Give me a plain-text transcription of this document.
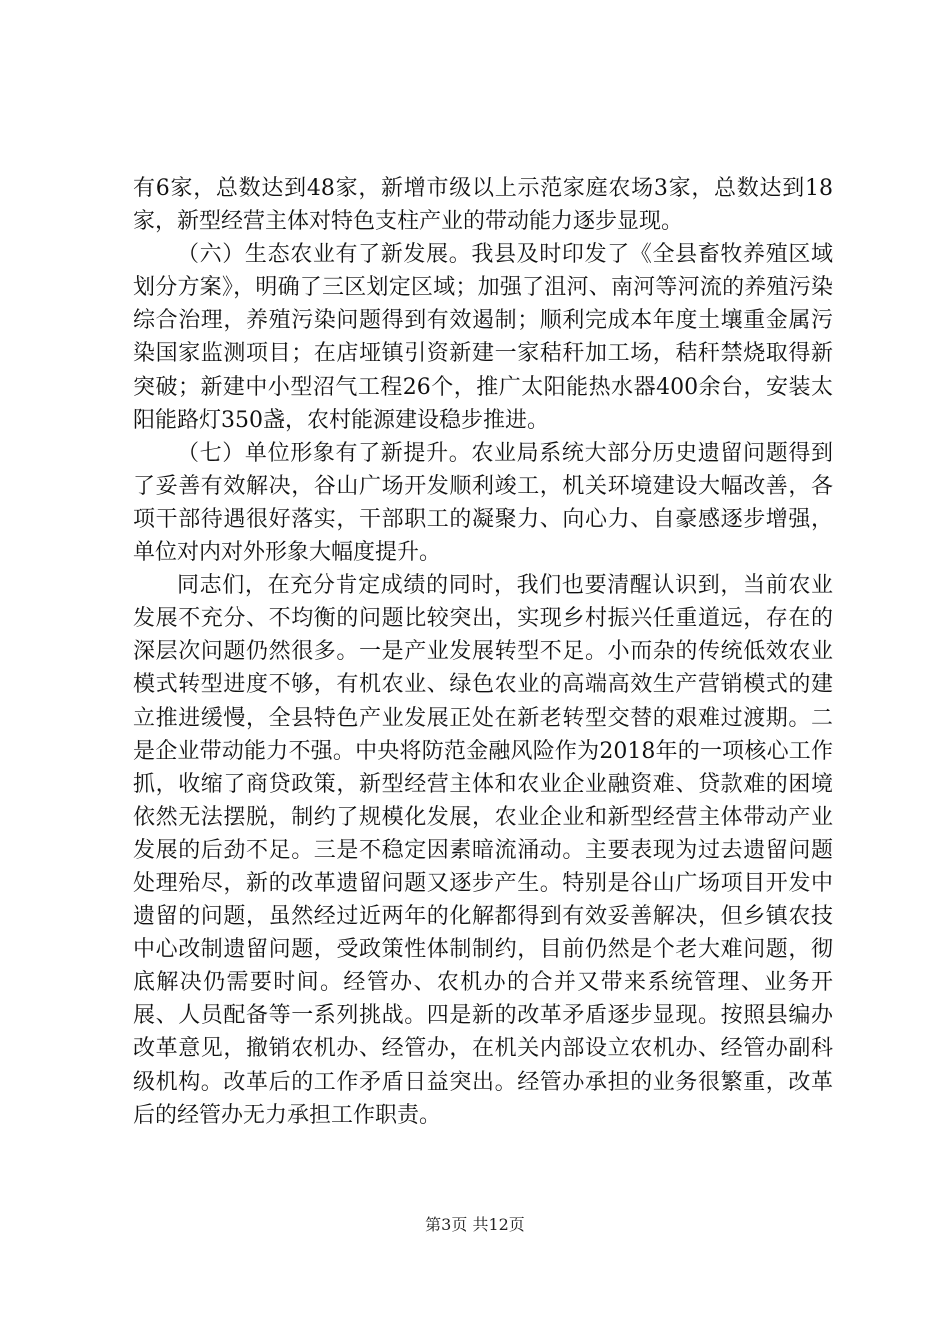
有6家，总数达到48家，新增市级以上示范家庭农场3家，总数达到18家，新型经营主体对特色支柱产业的带动能力逐步显现。

（六）生态农业有了新发展。我县及时印发了《全县畜牧养殖区域划分方案》，明确了三区划定区域；加强了沮河、南河等河流的养殖污染综合治理，养殖污染问题得到有效遏制；顺利完成本年度土壤重金属污染国家监测项目；在店垭镇引资新建一家秸秆加工场，秸秆禁烧取得新突破；新建中小型沼气工程26个，推广太阳能热水器400余台，安装太阳能路灯350盏，农村能源建设稳步推进。

（七）单位形象有了新提升。农业局系统大部分历史遗留问题得到了妥善有效解决，谷山广场开发顺利竣工，机关环境建设大幅改善，各项干部待遇很好落实，干部职工的凝聚力、向心力、自豪感逐步增强，单位对内对外形象大幅度提升。

同志们，在充分肯定成绩的同时，我们也要清醒认识到，当前农业发展不充分、不均衡的问题比较突出，实现乡村振兴任重道远，存在的深层次问题仍然很多。一是产业发展转型不足。小而杂的传统低效农业模式转型进度不够，有机农业、绿色农业的高端高效生产营销模式的建立推进缓慢，全县特色产业发展正处在新老转型交替的艰难过渡期。二是企业带动能力不强。中央将防范金融风险作为2018年的一项核心工作抓，收缩了商贷政策，新型经营主体和农业企业融资难、贷款难的困境依然无法摆脱，制约了规模化发展，农业企业和新型经营主体带动产业发展的后劲不足。三是不稳定因素暗流涌动。主要表现为过去遗留问题处理殆尽，新的改革遗留问题又逐步产生。特别是谷山广场项目开发中遗留的问题，虽然经过近两年的化解都得到有效妥善解决，但乡镇农技中心改制遗留问题，受政策性体制制约，目前仍然是个老大难问题，彻底解决仍需要时间。经管办、农机办的合并又带来系统管理、业务开展、人员配备等一系列挑战。四是新的改革矛盾逐步显现。按照县编办改革意见，撤销农机办、经管办，在机关内部设立农机办、经管办副科级机构。改革后的工作矛盾日益突出。经管办承担的业务很繁重，改革后的经管办无力承担工作职责。

第3页 共12页
